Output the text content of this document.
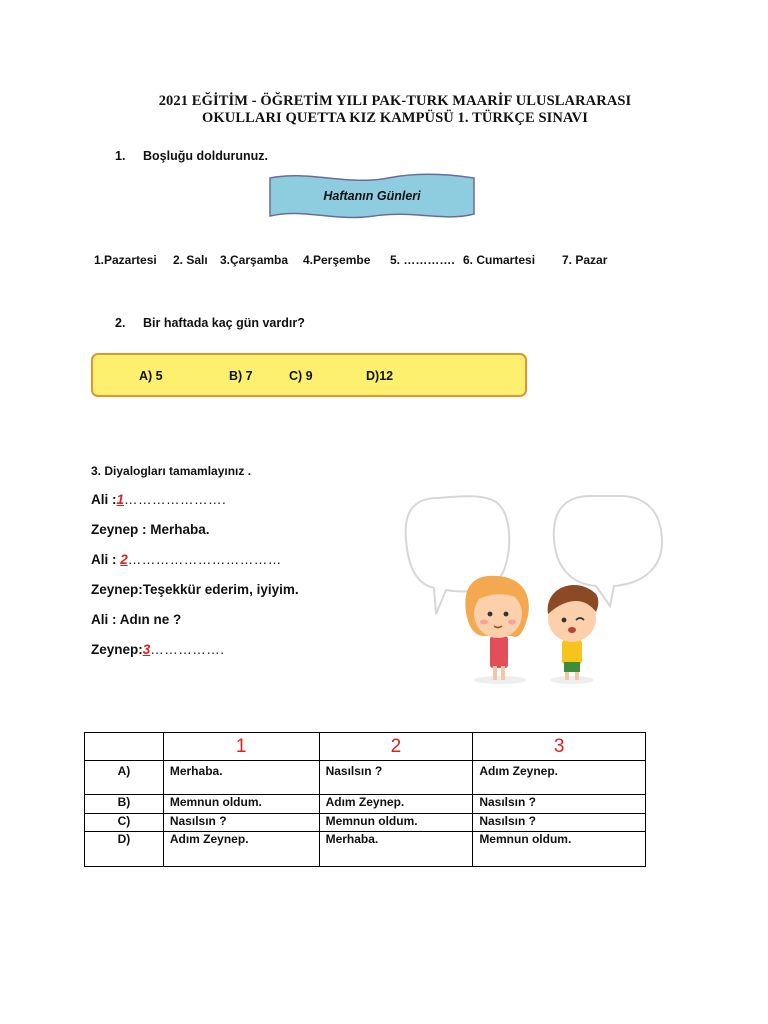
2021 EĞİTİM - ÖĞRETİM YILI PAK-TURK MAARİF ULUSLARARASI
OKULLARI QUETTA KIZ KAMPÜSÜ 1. TÜRKÇE SINAVI
1. Boşluğu doldurunuz.
Haftanın Günleri
1.Pazartesi 2. Salı 3.Çarşamba 4.Perşembe 5. …………. 6. Cumartesi 7. Pazar
2. Bir haftada kaç gün vardır?
A) 5	B) 7	C) 9	D)12
3. Diyalogları tamamlayınız .
Ali :1………………….
Zeynep : Merhaba.
Ali : 2……………………………
Zeynep:Teşekkür ederim, iyiyim.
Ali : Adın ne ?
Zeynep:3…………….
	1	2	3
A)	Merhaba.	Nasılsın ?	Adım Zeynep.
B)	Memnun oldum.	Adım Zeynep.	Nasılsın ?
C)	Nasılsın ?	Memnun oldum.	Nasılsın ?
D)	Adım Zeynep.	Merhaba.	Memnun oldum.
